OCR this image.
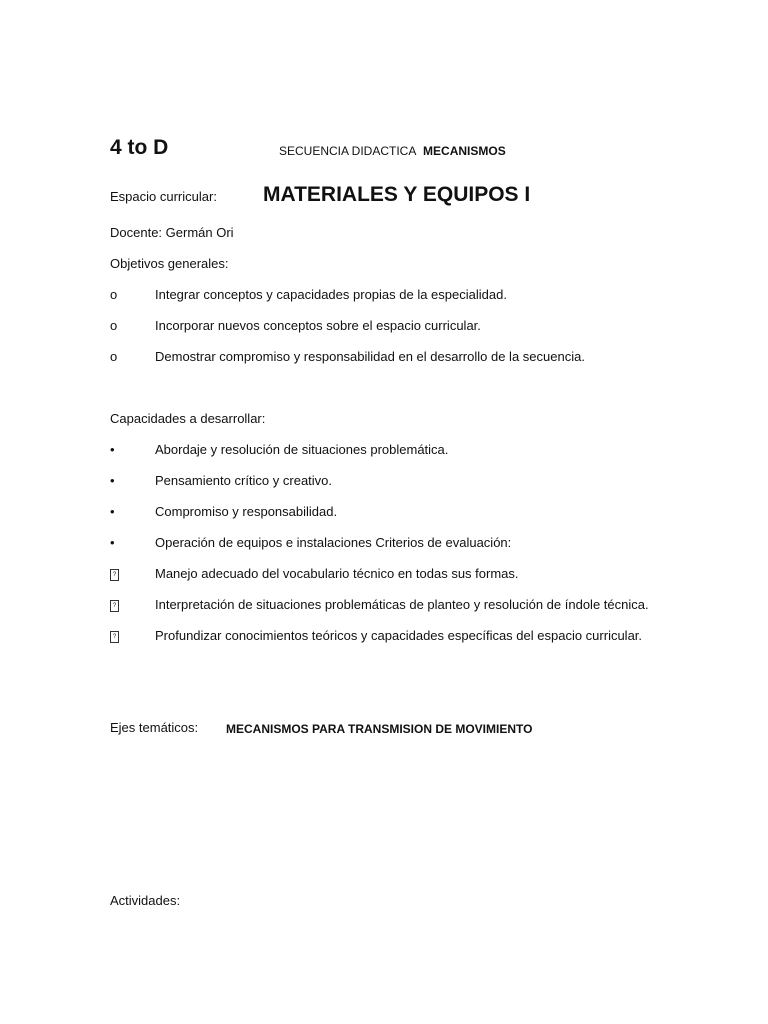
4 to D	SECUENCIA DIDACTICA MECANISMOS
Espacio curricular: MATERIALES Y EQUIPOS I
Docente: Germán Ori
Objetivos generales:
o	Integrar conceptos y capacidades propias de la especialidad.
o	Incorporar nuevos conceptos sobre el espacio curricular.
o	Demostrar compromiso y responsabilidad en el desarrollo de la secuencia.
Capacidades a desarrollar:
•	Abordaje y resolución de situaciones problemática.
•	Pensamiento crítico y creativo.
•	Compromiso y responsabilidad.
•	Operación de equipos e instalaciones Criterios de evaluación:
?	Manejo adecuado del vocabulario técnico en todas sus formas.
?	Interpretación de situaciones problemáticas de planteo y resolución de índole técnica.
?	Profundizar conocimientos teóricos y capacidades específicas del espacio curricular.
Ejes temáticos: MECANISMOS PARA TRANSMISION DE MOVIMIENTO
Actividades:
